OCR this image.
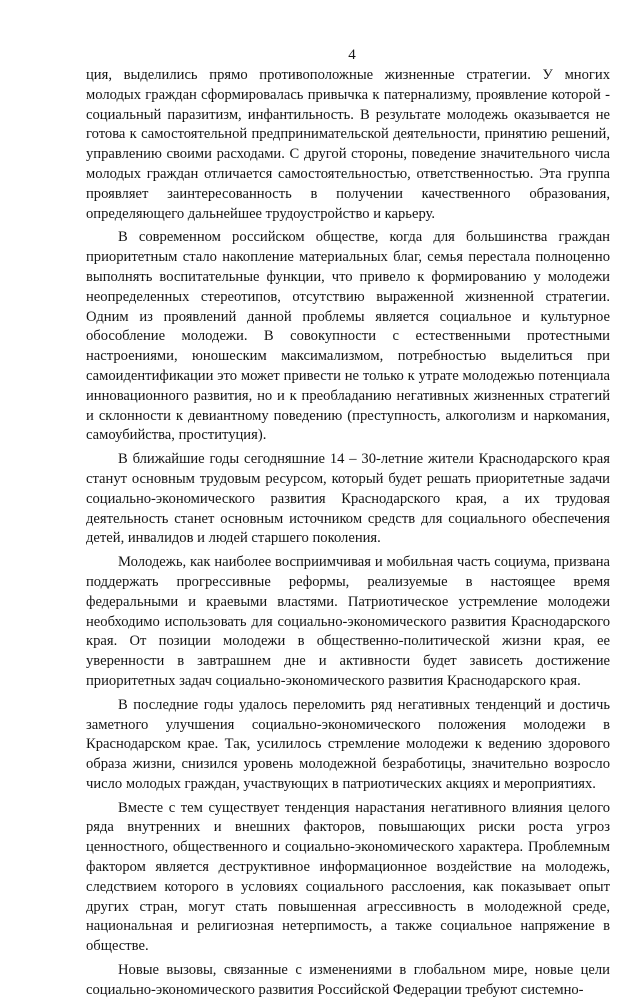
4

ция, выделились прямо противоположные жизненные стратегии. У многих молодых граждан сформировалась привычка к патернализму, проявление которой - социальный паразитизм, инфантильность. В результате молодежь оказывается не готова к самостоятельной предпринимательской деятельности, принятию решений, управлению своими расходами. С другой стороны, поведение значительного числа молодых граждан отличается самостоятельностью, ответственностью. Эта группа проявляет заинтересованность в получении качественного образования, определяющего дальнейшее трудоустройство и карьеру.

В современном российском обществе, когда для большинства граждан приоритетным стало накопление материальных благ, семья перестала полноценно выполнять воспитательные функции, что привело к формированию у молодежи неопределенных стереотипов, отсутствию выраженной жизненной стратегии. Одним из проявлений данной проблемы является социальное и культурное обособление молодежи. В совокупности с естественными протестными настроениями, юношеским максимализмом, потребностью выделиться при самоидентификации это может привести не только к утрате молодежью потенциала инновационного развития, но и к преобладанию негативных жизненных стратегий и склонности к девиантному поведению (преступность, алкоголизм и наркомания, самоубийства, проституция).

В ближайшие годы сегодняшние 14 – 30-летние жители Краснодарского края станут основным трудовым ресурсом, который будет решать приоритетные задачи социально-экономического развития Краснодарского края, а их трудовая деятельность станет основным источником средств для социального обеспечения детей, инвалидов и людей старшего поколения.

Молодежь, как наиболее восприимчивая и мобильная часть социума, призвана поддержать прогрессивные реформы, реализуемые в настоящее время федеральными и краевыми властями. Патриотическое устремление молодежи необходимо использовать для социально-экономического развития Краснодарского края. От позиции молодежи в общественно-политической жизни края, ее уверенности в завтрашнем дне и активности будет зависеть достижение приоритетных задач социально-экономического развития Краснодарского края.

В последние годы удалось переломить ряд негативных тенденций и достичь заметного улучшения социально-экономического положения молодежи в Краснодарском крае. Так, усилилось стремление молодежи к ведению здорового образа жизни, снизился уровень молодежной безработицы, значительно возросло число молодых граждан, участвующих в патриотических акциях и мероприятиях.

Вместе с тем существует тенденция нарастания негативного влияния целого ряда внутренних и внешних факторов, повышающих риски роста угроз ценностного, общественного и социально-экономического характера. Проблемным фактором является деструктивное информационное воздействие на молодежь, следствием которого в условиях социального расслоения, как показывает опыт других стран, могут стать повышенная агрессивность в молодежной среде, национальная и религиозная нетерпимость, а также социальное напряжение в обществе.

Новые вызовы, связанные с изменениями в глобальном мире, новые цели социально-экономического развития Российской Федерации требуют системно-
